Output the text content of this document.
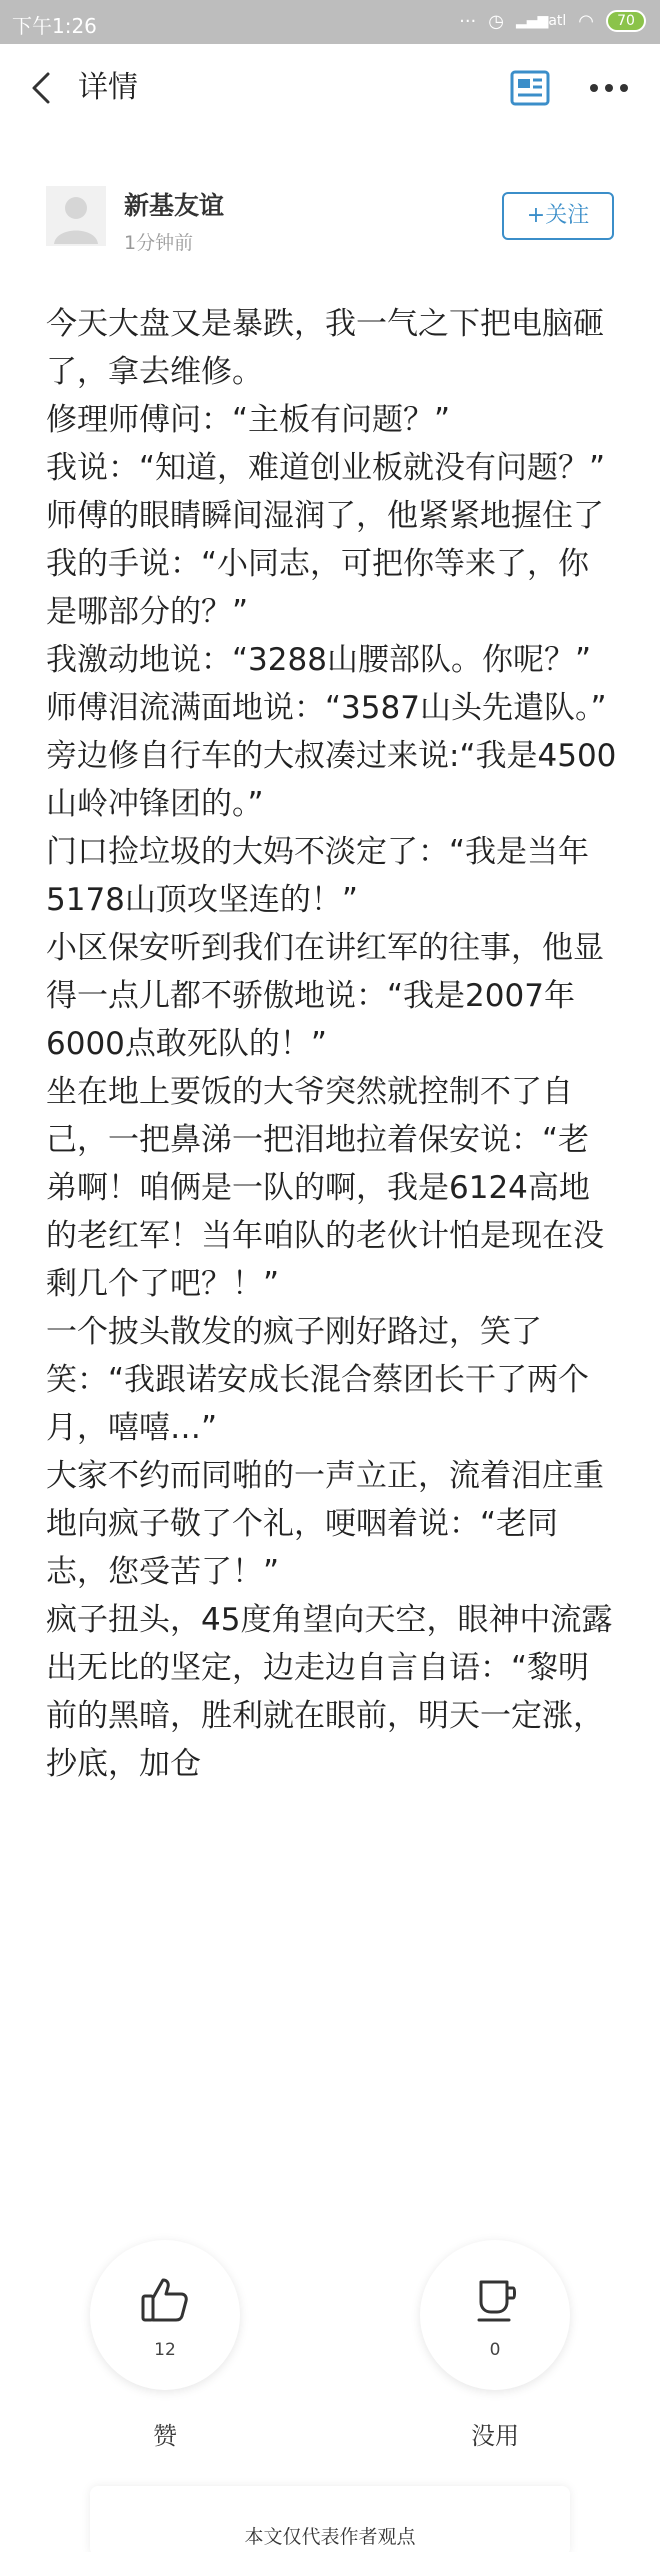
下午1:26	··· ◷ ▂▄▆atl ◠	70
详情
新基友谊
1分钟前
+关注

今天大盘又是暴跌，我一气之下把电脑砸了，拿去维修。

修理师傅问：“主板有问题？”

我说：“知道，难道创业板就没有问题？”

师傅的眼睛瞬间湿润了，他紧紧地握住了我的手说：“小同志，可把你等来了，你是哪部分的？”

我激动地说：“3288山腰部队。你呢？”

师傅泪流满面地说：“3587山头先遣队。”

旁边修自行车的大叔凑过来说:“我是4500山岭冲锋团的。”

门口捡垃圾的大妈不淡定了：“我是当年5178山顶攻坚连的！”

小区保安听到我们在讲红军的往事，他显得一点儿都不骄傲地说：“我是2007年6000点敢死队的！”

坐在地上要饭的大爷突然就控制不了自己，一把鼻涕一把泪地拉着保安说：“老弟啊！咱俩是一队的啊，我是6124高地的老红军！当年咱队的老伙计怕是现在没剩几个了吧？！”

一个披头散发的疯子刚好路过，笑了笑：“我跟诺安成长混合蔡团长干了两个月，嘻嘻…”

大家不约而同啪的一声立正，流着泪庄重地向疯子敬了个礼，哽咽着说：“老同志，您受苦了！”

疯子扭头，45度角望向天空，眼神中流露出无比的坚定，边走边自言自语：“黎明前的黑暗，胜利就在眼前，明天一定涨，抄底，加仓

12
赞
0
没用
本文仅代表作者观点
